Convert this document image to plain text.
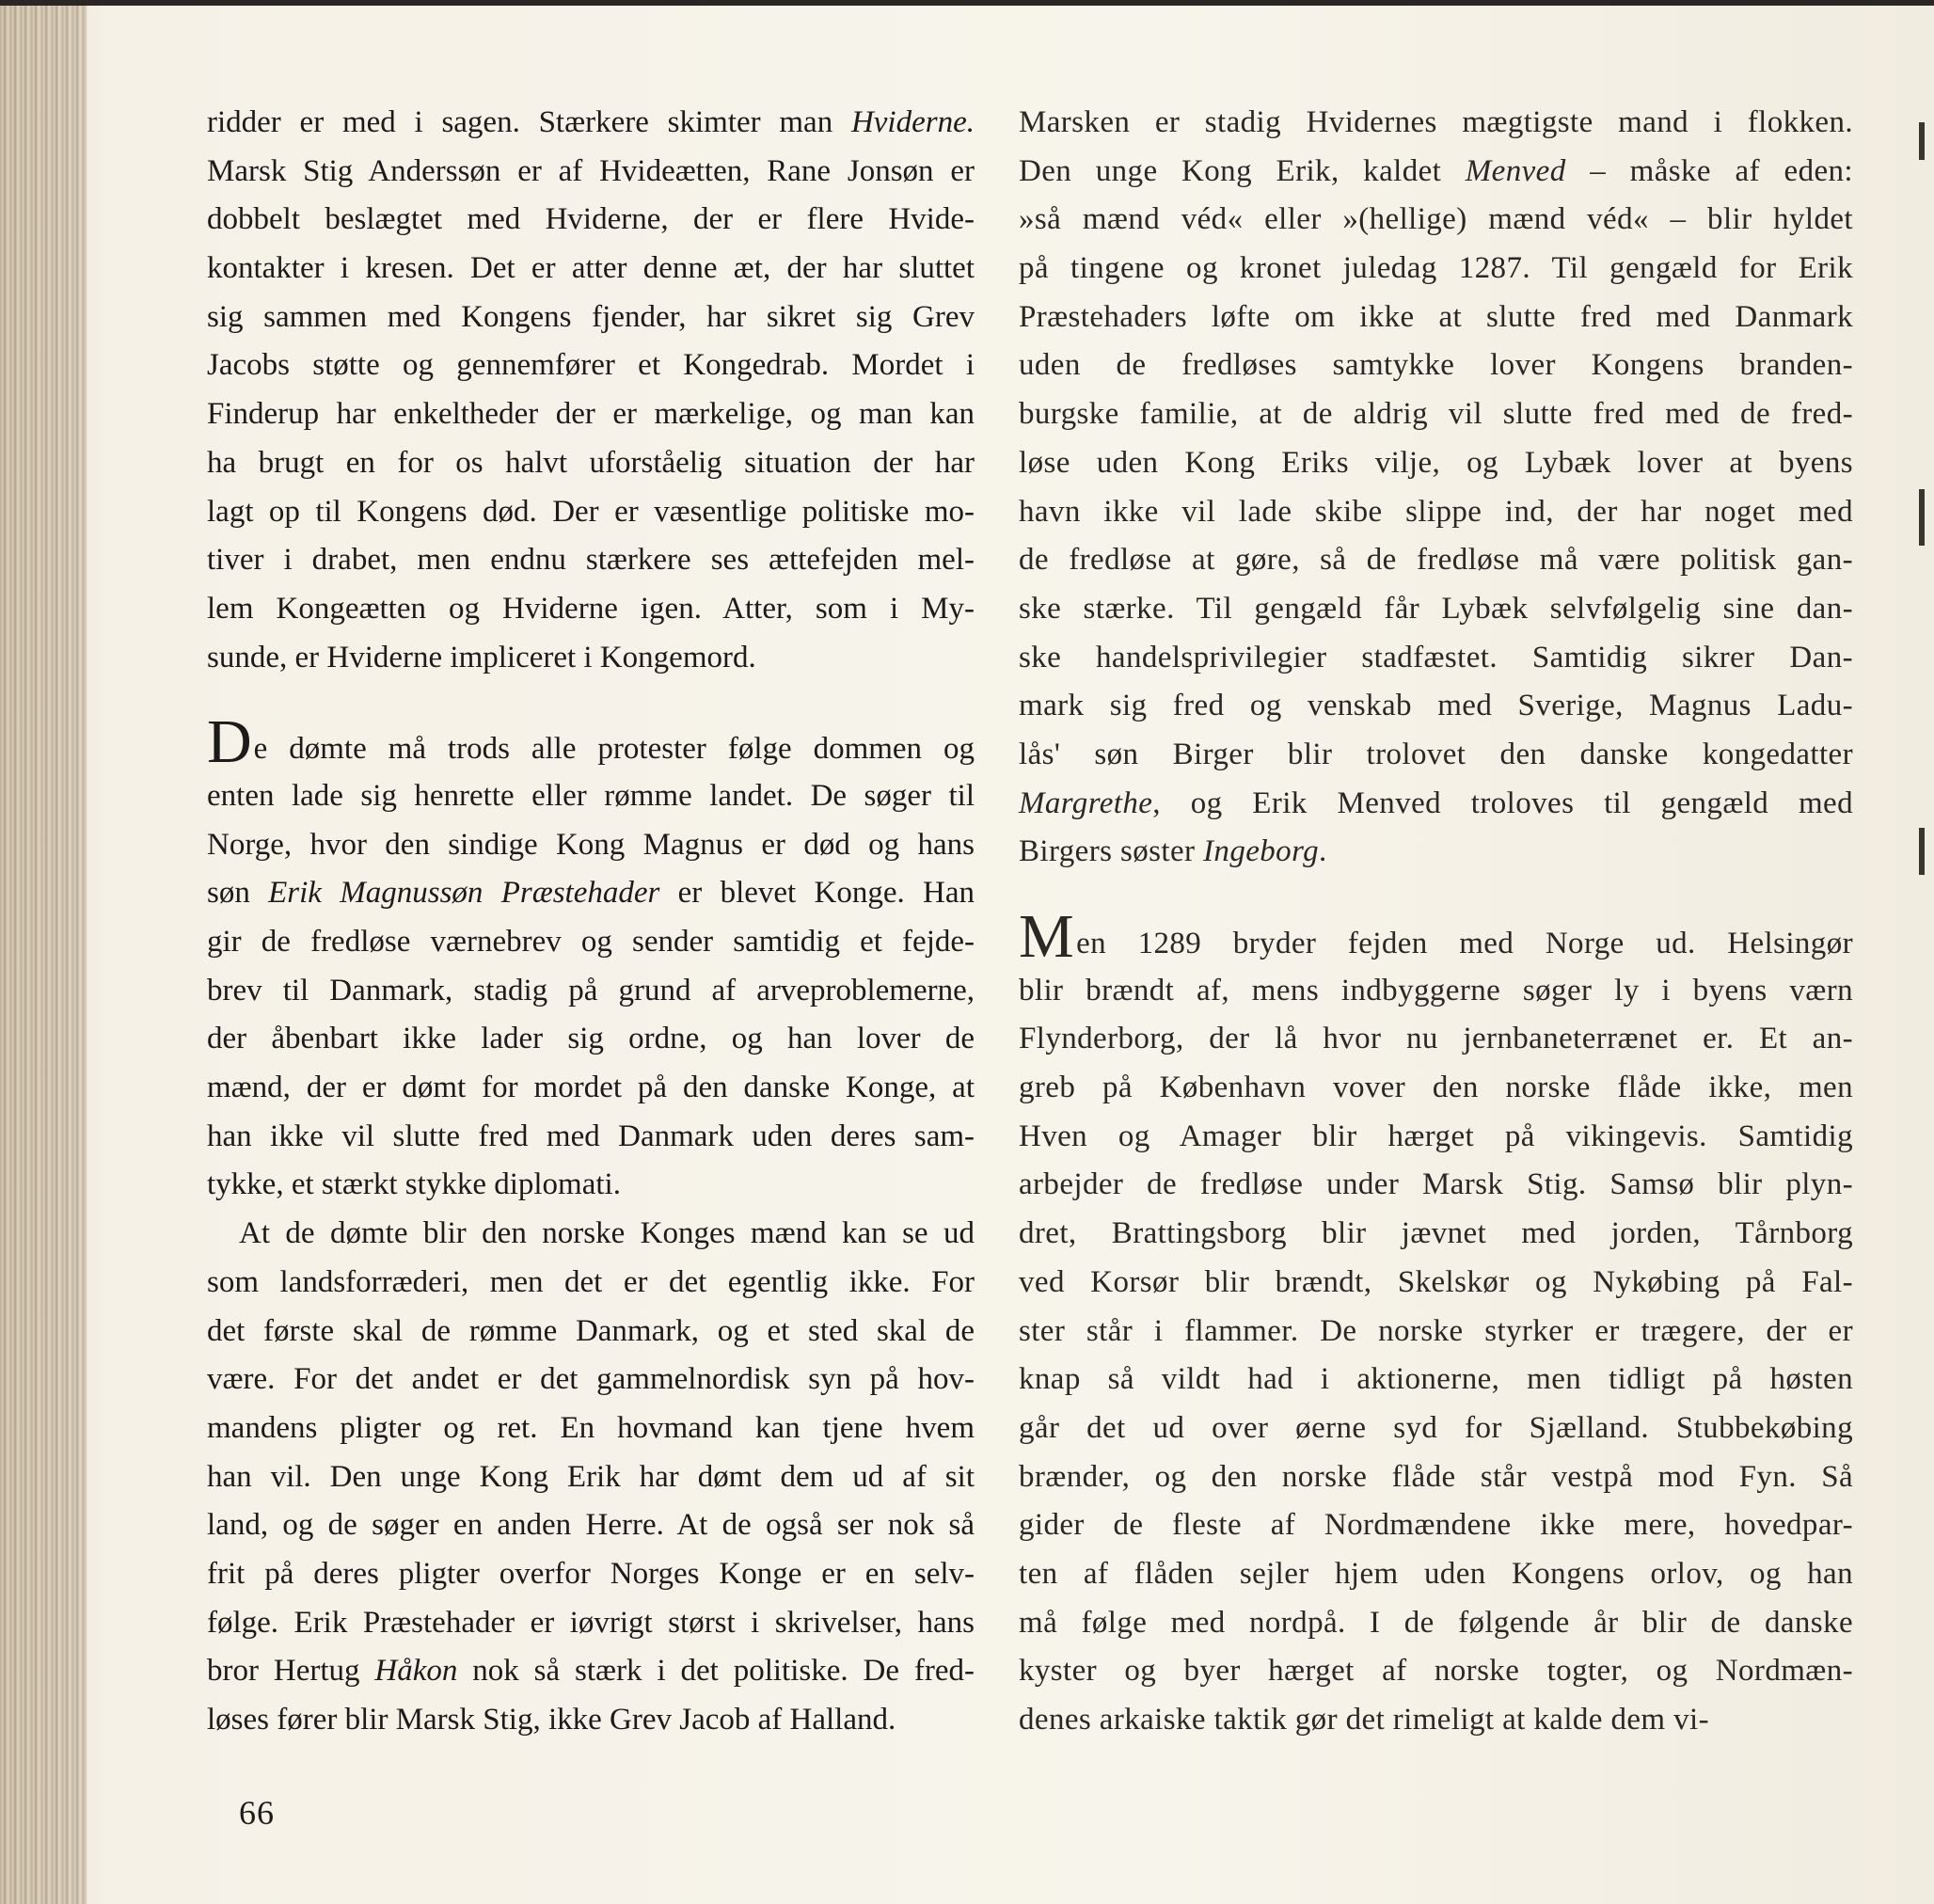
ridder er med i sagen. Stærkere skimter man Hviderne.
Marsk Stig Anderssøn er af Hvideætten, Rane Jonsøn er
dobbelt beslægtet med Hviderne, der er flere Hvide-
kontakter i kresen. Det er atter denne æt, der har sluttet
sig sammen med Kongens fjender, har sikret sig Grev
Jacobs støtte og gennemfører et Kongedrab. Mordet i
Finderup har enkeltheder der er mærkelige, og man kan
ha brugt en for os halvt uforståelig situation der har
lagt op til Kongens død. Der er væsentlige politiske mo-
tiver i drabet, men endnu stærkere ses ættefejden mel-
lem Kongeætten og Hviderne igen. Atter, som i My-
sunde, er Hviderne impliceret i Kongemord.
De dømte må trods alle protester følge dommen og
enten lade sig henrette eller rømme landet. De søger til
Norge, hvor den sindige Kong Magnus er død og hans
søn Erik Magnussøn Præstehader er blevet Konge. Han
gir de fredløse værnebrev og sender samtidig et fejde-
brev til Danmark, stadig på grund af arveproblemerne,
der åbenbart ikke lader sig ordne, og han lover de
mænd, der er dømt for mordet på den danske Konge, at
han ikke vil slutte fred med Danmark uden deres sam-
tykke, et stærkt stykke diplomati.
At de dømte blir den norske Konges mænd kan se ud
som landsforræderi, men det er det egentlig ikke. For
det første skal de rømme Danmark, og et sted skal de
være. For det andet er det gammelnordisk syn på hov-
mandens pligter og ret. En hovmand kan tjene hvem
han vil. Den unge Kong Erik har dømt dem ud af sit
land, og de søger en anden Herre. At de også ser nok så
frit på deres pligter overfor Norges Konge er en selv-
følge. Erik Præstehader er iøvrigt størst i skrivelser, hans
bror Hertug Håkon nok så stærk i det politiske. De fred-
løses fører blir Marsk Stig, ikke Grev Jacob af Halland.
Marsken er stadig Hvidernes mægtigste mand i flokken.
Den unge Kong Erik, kaldet Menved – måske af eden:
»så mænd véd« eller »(hellige) mænd véd« – blir hyldet
på tingene og kronet juledag 1287. Til gengæld for Erik
Præstehaders løfte om ikke at slutte fred med Danmark
uden de fredløses samtykke lover Kongens branden-
burgske familie, at de aldrig vil slutte fred med de fred-
løse uden Kong Eriks vilje, og Lybæk lover at byens
havn ikke vil lade skibe slippe ind, der har noget med
de fredløse at gøre, så de fredløse må være politisk gan-
ske stærke. Til gengæld får Lybæk selvfølgelig sine dan-
ske handelsprivilegier stadfæstet. Samtidig sikrer Dan-
mark sig fred og venskab med Sverige, Magnus Ladu-
lås' søn Birger blir trolovet den danske kongedatter
Margrethe, og Erik Menved troloves til gengæld med
Birgers søster Ingeborg.
Men 1289 bryder fejden med Norge ud. Helsingør
blir brændt af, mens indbyggerne søger ly i byens værn
Flynderborg, der lå hvor nu jernbaneterrænet er. Et an-
greb på København vover den norske flåde ikke, men
Hven og Amager blir hærget på vikingevis. Samtidig
arbejder de fredløse under Marsk Stig. Samsø blir plyn-
dret, Brattingsborg blir jævnet med jorden, Tårnborg
ved Korsør blir brændt, Skelskør og Nykøbing på Fal-
ster står i flammer. De norske styrker er trægere, der er
knap så vildt had i aktionerne, men tidligt på høsten
går det ud over øerne syd for Sjælland. Stubbekøbing
brænder, og den norske flåde står vestpå mod Fyn. Så
gider de fleste af Nordmændene ikke mere, hovedpar-
ten af flåden sejler hjem uden Kongens orlov, og han
må følge med nordpå. I de følgende år blir de danske
kyster og byer hærget af norske togter, og Nordmæn-
denes arkaiske taktik gør det rimeligt at kalde dem vi-
66
